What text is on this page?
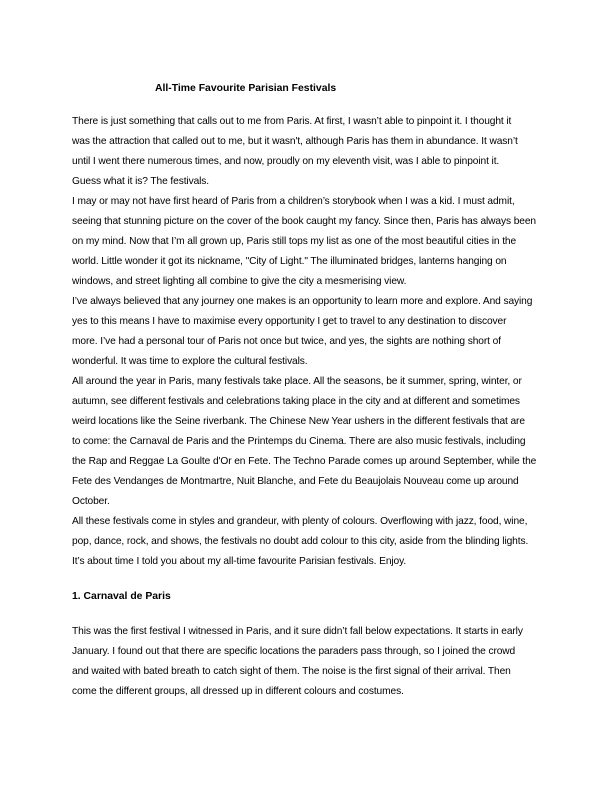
All-Time Favourite Parisian Festivals
There is just something that calls out to me from Paris. At first, I wasn’t able to pinpoint it. I thought it
was the attraction that called out to me, but it wasn't, although Paris has them in abundance. It wasn’t
until I went there numerous times, and now, proudly on my eleventh visit, was I able to pinpoint it.
Guess what it is? The festivals.
I may or may not have first heard of Paris from a children’s storybook when I was a kid. I must admit,
seeing that stunning picture on the cover of the book caught my fancy. Since then, Paris has always been
on my mind. Now that I’m all grown up, Paris still tops my list as one of the most beautiful cities in the
world. Little wonder it got its nickname, "City of Light." The illuminated bridges, lanterns hanging on
windows, and street lighting all combine to give the city a mesmerising view.
I’ve always believed that any journey one makes is an opportunity to learn more and explore. And saying
yes to this means I have to maximise every opportunity I get to travel to any destination to discover
more. I’ve had a personal tour of Paris not once but twice, and yes, the sights are nothing short of
wonderful. It was time to explore the cultural festivals.
All around the year in Paris, many festivals take place. All the seasons, be it summer, spring, winter, or
autumn, see different festivals and celebrations taking place in the city and at different and sometimes
weird locations like the Seine riverbank. The Chinese New Year ushers in the different festivals that are
to come: the Carnaval de Paris and the Printemps du Cinema. There are also music festivals, including
the Rap and Reggae La Goulte d'Or en Fete. The Techno Parade comes up around September, while the
Fete des Vendanges de Montmartre, Nuit Blanche, and Fete du Beaujolais Nouveau come up around
October.
All these festivals come in styles and grandeur, with plenty of colours. Overflowing with jazz, food, wine,
pop, dance, rock, and shows, the festivals no doubt add colour to this city, aside from the blinding lights.
It’s about time I told you about my all-time favourite Parisian festivals. Enjoy.
1. Carnaval de Paris
This was the first festival I witnessed in Paris, and it sure didn’t fall below expectations. It starts in early
January. I found out that there are specific locations the paraders pass through, so I joined the crowd
and waited with bated breath to catch sight of them. The noise is the first signal of their arrival. Then
come the different groups, all dressed up in different colours and costumes.
